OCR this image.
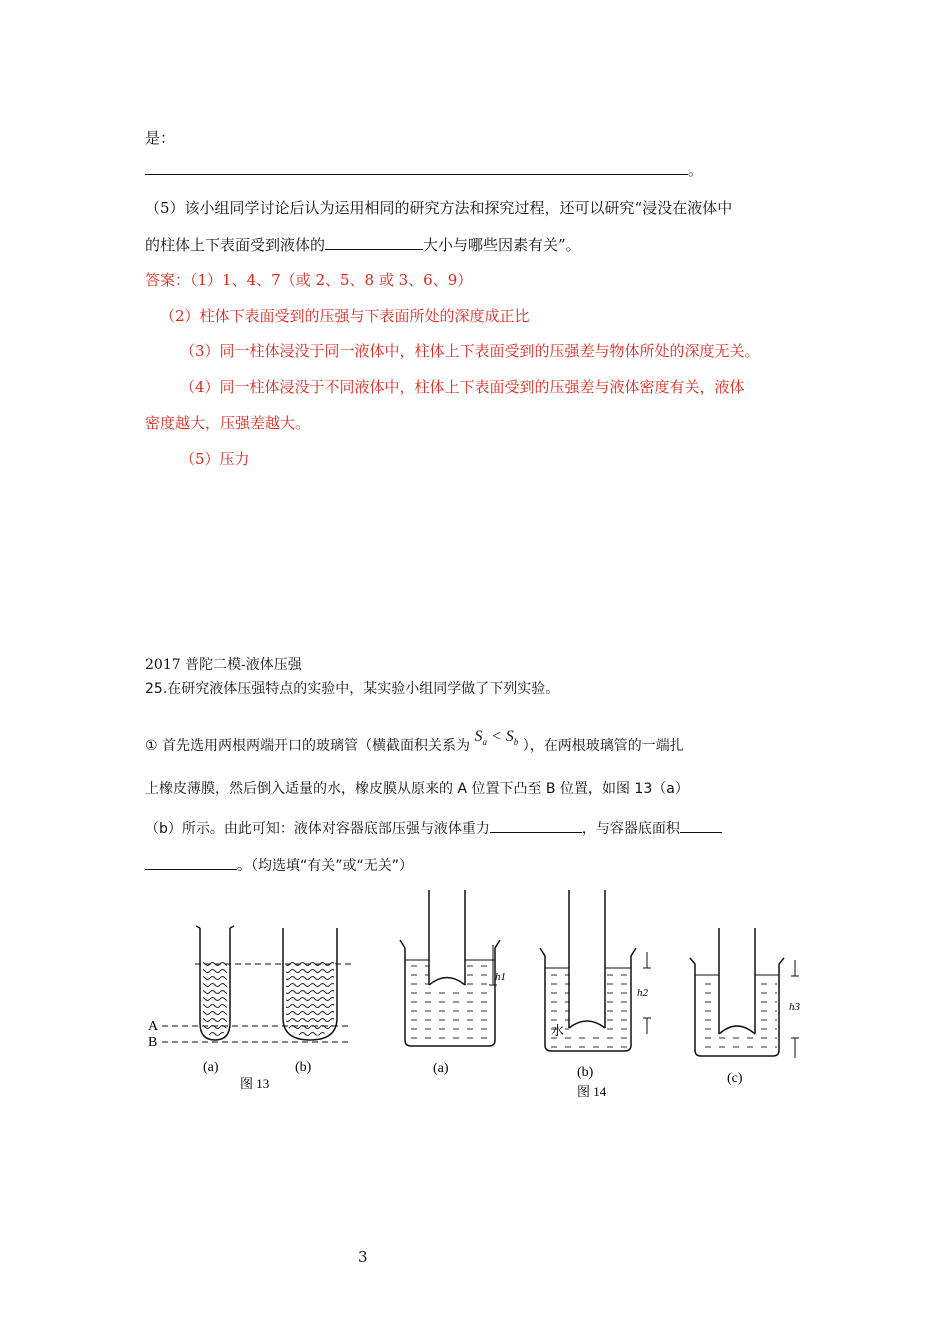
是：
。
（5）该小组同学讨论后认为运用相同的研究方法和探究过程，还可以研究“浸没在液体中
的柱体上下表面受到液体的	大小与哪些因素有关”。
答案：（1）1、4、7（或 2、5、8 或 3、6、9）
（2）柱体下表面受到的压强与下表面所处的深度成正比
（3）同一柱体浸没于同一液体中，柱体上下表面受到的压强差与物体所处的深度无关。
（4）同一柱体浸没于不同液体中，柱体上下表面受到的压强差与液体密度有关，液体
密度越大，压强差越大。
（5）压力
2017 普陀二模-液体压强
25.在研究液体压强特点的实验中，某实验小组同学做了下列实验。
① 首先选用两根两端开口的玻璃管（横截面积关系为 $S_a < S_b$ ），在两根玻璃管的一端扎
上橡皮薄膜，然后倒入适量的水，橡皮膜从原来的 A 位置下凸至 B 位置，如图 13（a）
（b）所示。由此可知：液体对容器底部压强与液体重力	，与容器底面积
。（均选填“有关”或“无关”）
A
B
(a)	(b)
图 13
h1
(a)
h2
水
(b)
图 14
h3
(c)
3
